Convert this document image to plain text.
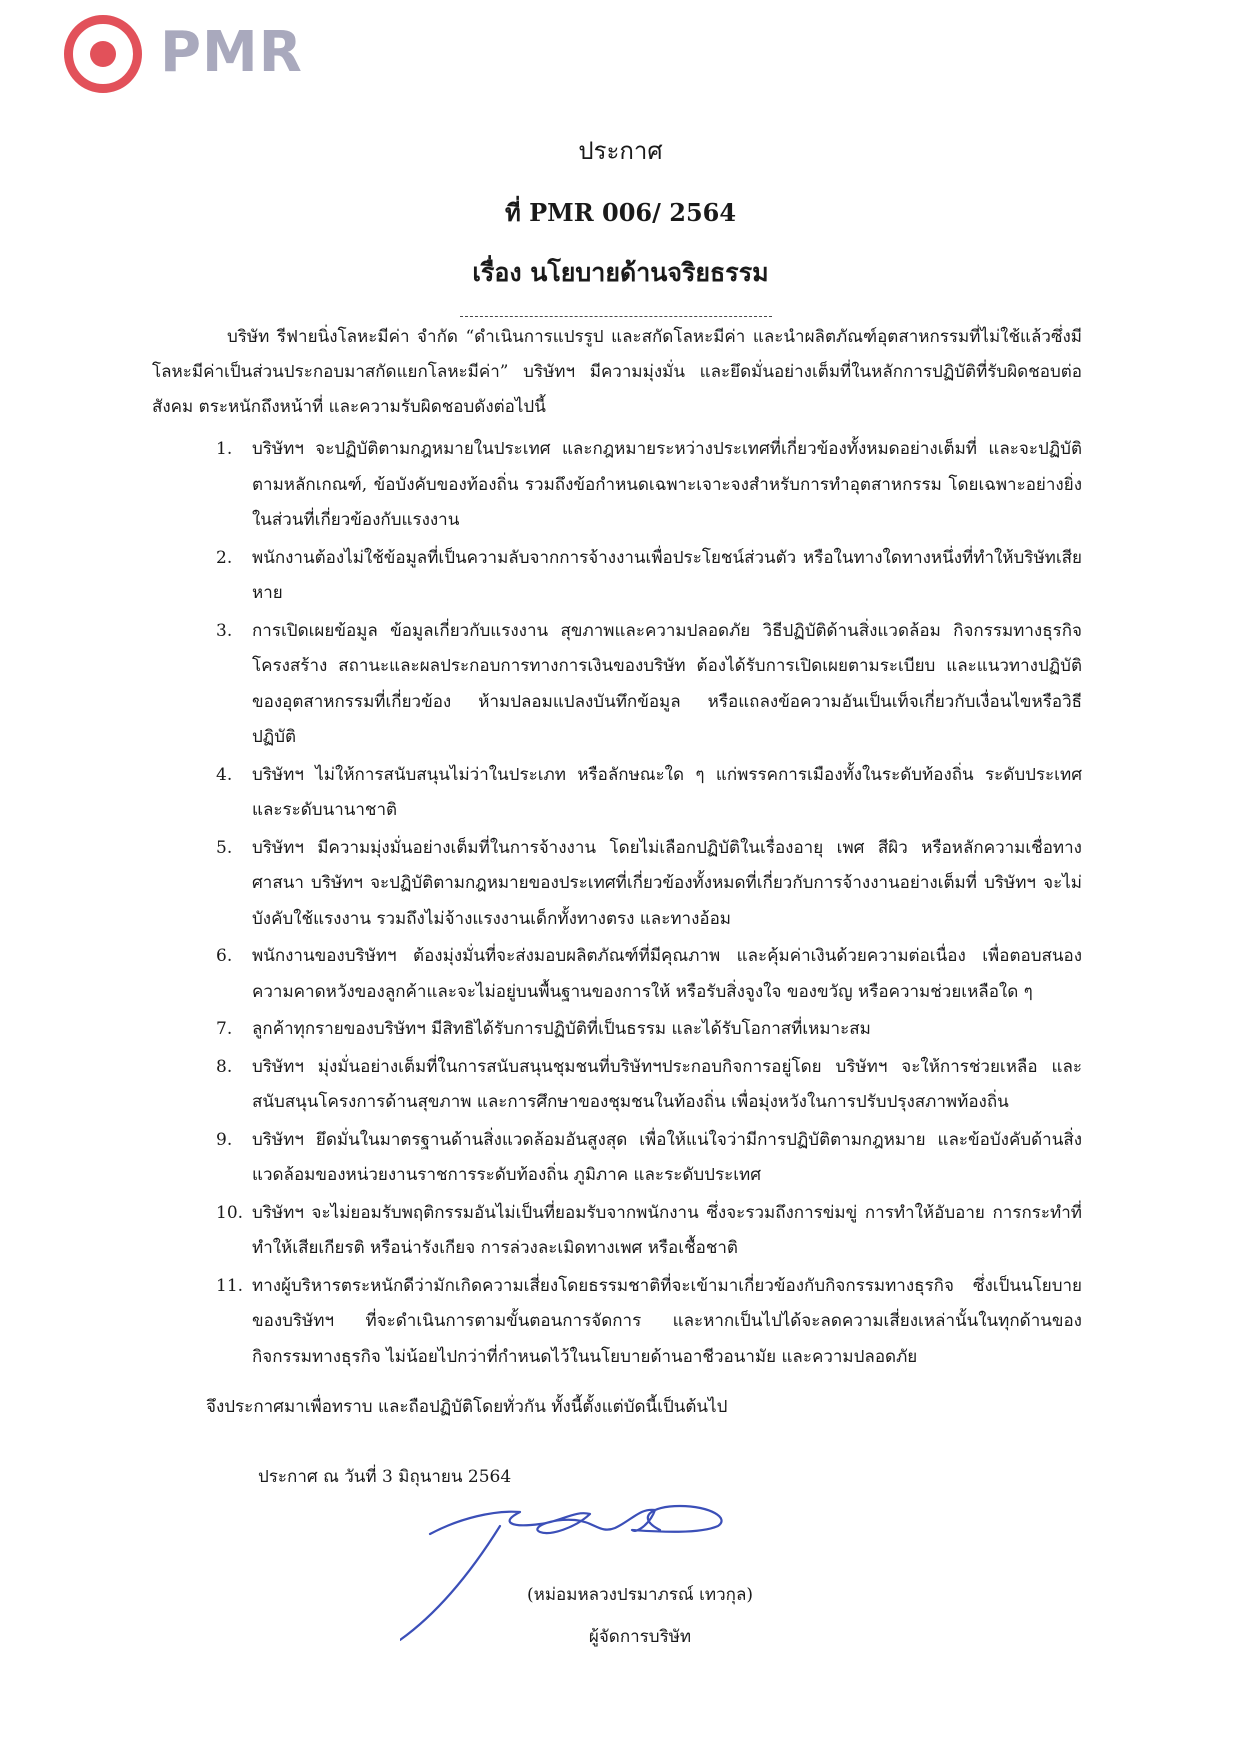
PMR
ประกาศ
ที่ PMR 006/ 2564
เรื่อง นโยบายด้านจริยธรรม
บริษัท รีฟายนิ่งโลหะมีค่า จำกัด “ดำเนินการแปรรูป และสกัดโลหะมีค่า และนำผลิตภัณฑ์อุตสาหกรรมที่ไม่ใช้แล้วซึ่งมีโลหะมีค่าเป็นส่วนประกอบมาสกัดแยกโลหะมีค่า” บริษัทฯ มีความมุ่งมั่น และยึดมั่นอย่างเต็มที่ในหลักการปฏิบัติที่รับผิดชอบต่อสังคม ตระหนักถึงหน้าที่ และความรับผิดชอบดังต่อไปนี้
1.	บริษัทฯ จะปฏิบัติตามกฎหมายในประเทศ และกฎหมายระหว่างประเทศที่เกี่ยวข้องทั้งหมดอย่างเต็มที่ และจะปฏิบัติตามหลักเกณฑ์, ข้อบังคับของท้องถิ่น รวมถึงข้อกำหนดเฉพาะเจาะจงสำหรับการทำอุตสาหกรรม โดยเฉพาะอย่างยิ่งในส่วนที่เกี่ยวข้องกับแรงงาน
2.	พนักงานต้องไม่ใช้ข้อมูลที่เป็นความลับจากการจ้างงานเพื่อประโยชน์ส่วนตัว หรือในทางใดทางหนึ่งที่ทำให้บริษัทเสียหาย
3.	การเปิดเผยข้อมูล ข้อมูลเกี่ยวกับแรงงาน สุขภาพและความปลอดภัย วิธีปฏิบัติด้านสิ่งแวดล้อม กิจกรรมทางธุรกิจ โครงสร้าง สถานะและผลประกอบการทางการเงินของบริษัท ต้องได้รับการเปิดเผยตามระเบียบ และแนวทางปฏิบัติของอุตสาหกรรมที่เกี่ยวข้อง ห้ามปลอมแปลงบันทึกข้อมูล หรือแถลงข้อความอันเป็นเท็จเกี่ยวกับเงื่อนไขหรือวิธีปฏิบัติ
4.	บริษัทฯ ไม่ให้การสนับสนุนไม่ว่าในประเภท หรือลักษณะใด ๆ แก่พรรคการเมืองทั้งในระดับท้องถิ่น ระดับประเทศ และระดับนานาชาติ
5.	บริษัทฯ มีความมุ่งมั่นอย่างเต็มที่ในการจ้างงาน โดยไม่เลือกปฏิบัติในเรื่องอายุ เพศ สีผิว หรือหลักความเชื่อทางศาสนา บริษัทฯ จะปฏิบัติตามกฎหมายของประเทศที่เกี่ยวข้องทั้งหมดที่เกี่ยวกับการจ้างงานอย่างเต็มที่ บริษัทฯ จะไม่บังคับใช้แรงงาน รวมถึงไม่จ้างแรงงานเด็กทั้งทางตรง และทางอ้อม
6.	พนักงานของบริษัทฯ ต้องมุ่งมั่นที่จะส่งมอบผลิตภัณฑ์ที่มีคุณภาพ และคุ้มค่าเงินด้วยความต่อเนื่อง เพื่อตอบสนองความคาดหวังของลูกค้าและจะไม่อยู่บนพื้นฐานของการให้ หรือรับสิ่งจูงใจ ของขวัญ หรือความช่วยเหลือใด ๆ
7.	ลูกค้าทุกรายของบริษัทฯ มีสิทธิได้รับการปฏิบัติที่เป็นธรรม และได้รับโอกาสที่เหมาะสม
8.	บริษัทฯ มุ่งมั่นอย่างเต็มที่ในการสนับสนุนชุมชนที่บริษัทฯประกอบกิจการอยู่โดย บริษัทฯ จะให้การช่วยเหลือ และสนับสนุนโครงการด้านสุขภาพ และการศึกษาของชุมชนในท้องถิ่น เพื่อมุ่งหวังในการปรับปรุงสภาพท้องถิ่น
9.	บริษัทฯ ยึดมั่นในมาตรฐานด้านสิ่งแวดล้อมอันสูงสุด เพื่อให้แน่ใจว่ามีการปฏิบัติตามกฎหมาย และข้อบังคับด้านสิ่งแวดล้อมของหน่วยงานราชการระดับท้องถิ่น ภูมิภาค และระดับประเทศ
10. บริษัทฯ จะไม่ยอมรับพฤติกรรมอันไม่เป็นที่ยอมรับจากพนักงาน ซึ่งจะรวมถึงการข่มขู่ การทำให้อับอาย การกระทำที่ทำให้เสียเกียรติ หรือน่ารังเกียจ การล่วงละเมิดทางเพศ หรือเชื้อชาติ
11. ทางผู้บริหารตระหนักดีว่ามักเกิดความเสี่ยงโดยธรรมชาติที่จะเข้ามาเกี่ยวข้องกับกิจกรรมทางธุรกิจ ซึ่งเป็นนโยบายของบริษัทฯ ที่จะดำเนินการตามขั้นตอนการจัดการ และหากเป็นไปได้จะลดความเสี่ยงเหล่านั้นในทุกด้านของกิจกรรมทางธุรกิจ ไม่น้อยไปกว่าที่กำหนดไว้ในนโยบายด้านอาชีวอนามัย และความปลอดภัย
จึงประกาศมาเพื่อทราบ และถือปฏิบัติโดยทั่วกัน ทั้งนี้ตั้งแต่บัดนี้เป็นต้นไป
ประกาศ ณ วันที่ 3 มิถุนายน 2564
(หม่อมหลวงปรมาภรณ์ เทวกุล)
ผู้จัดการบริษัท
